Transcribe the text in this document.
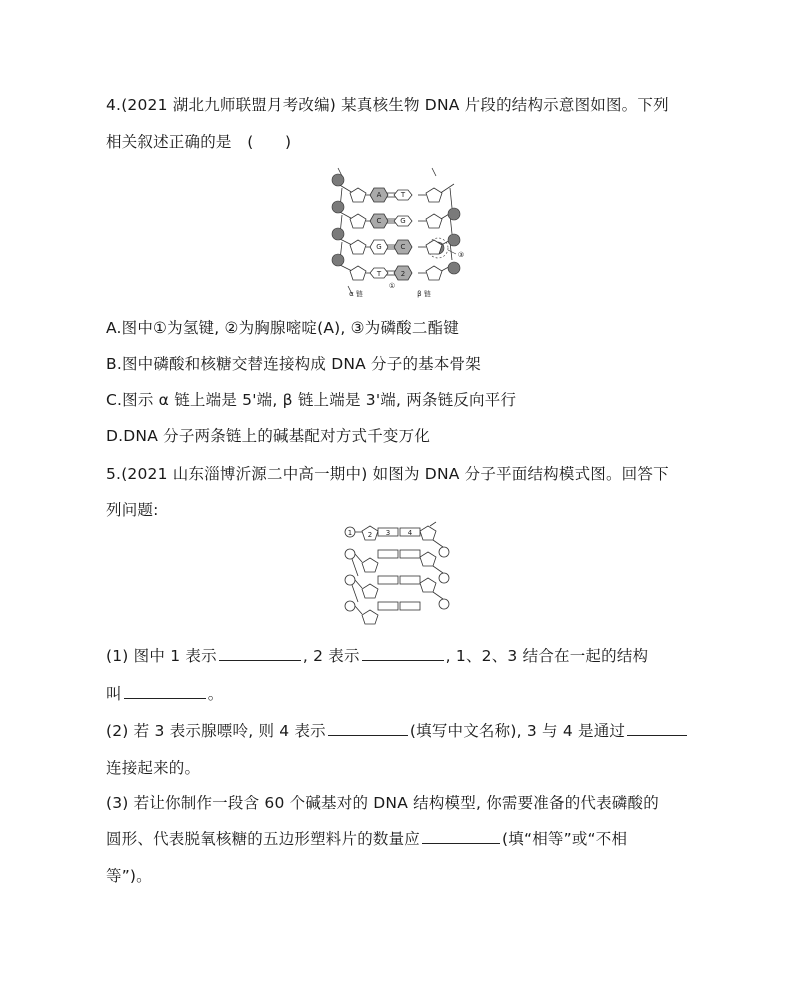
4.(2021 湖北九师联盟月考改编) 某真核生物 DNA 片段的结构示意图如图。下列
相关叙述正确的是　(　　)
A	T
C	G
G	C
T	2
①
③
α 链	β 链
A.图中①为氢键, ②为胸腺嘧啶(A), ③为磷酸二酯键
B.图中磷酸和核糖交替连接构成 DNA 分子的基本骨架
C.图示 α 链上端是 5'端, β 链上端是 3'端, 两条链反向平行
D.DNA 分子两条链上的碱基配对方式千变万化
5.(2021 山东淄博沂源二中高一期中) 如图为 DNA 分子平面结构模式图。回答下
列问题:
1 2 3	4
(1) 图中 1 表示	, 2 表示	, 1、2、3 结合在一起的结构
叫	。
(2) 若 3 表示腺嘌呤, 则 4 表示	(填写中文名称), 3 与 4 是通过
连接起来的。
(3) 若让你制作一段含 60 个碱基对的 DNA 结构模型, 你需要准备的代表磷酸的
圆形、代表脱氧核糖的五边形塑料片的数量应	(填“相等”或“不相
等”)。
